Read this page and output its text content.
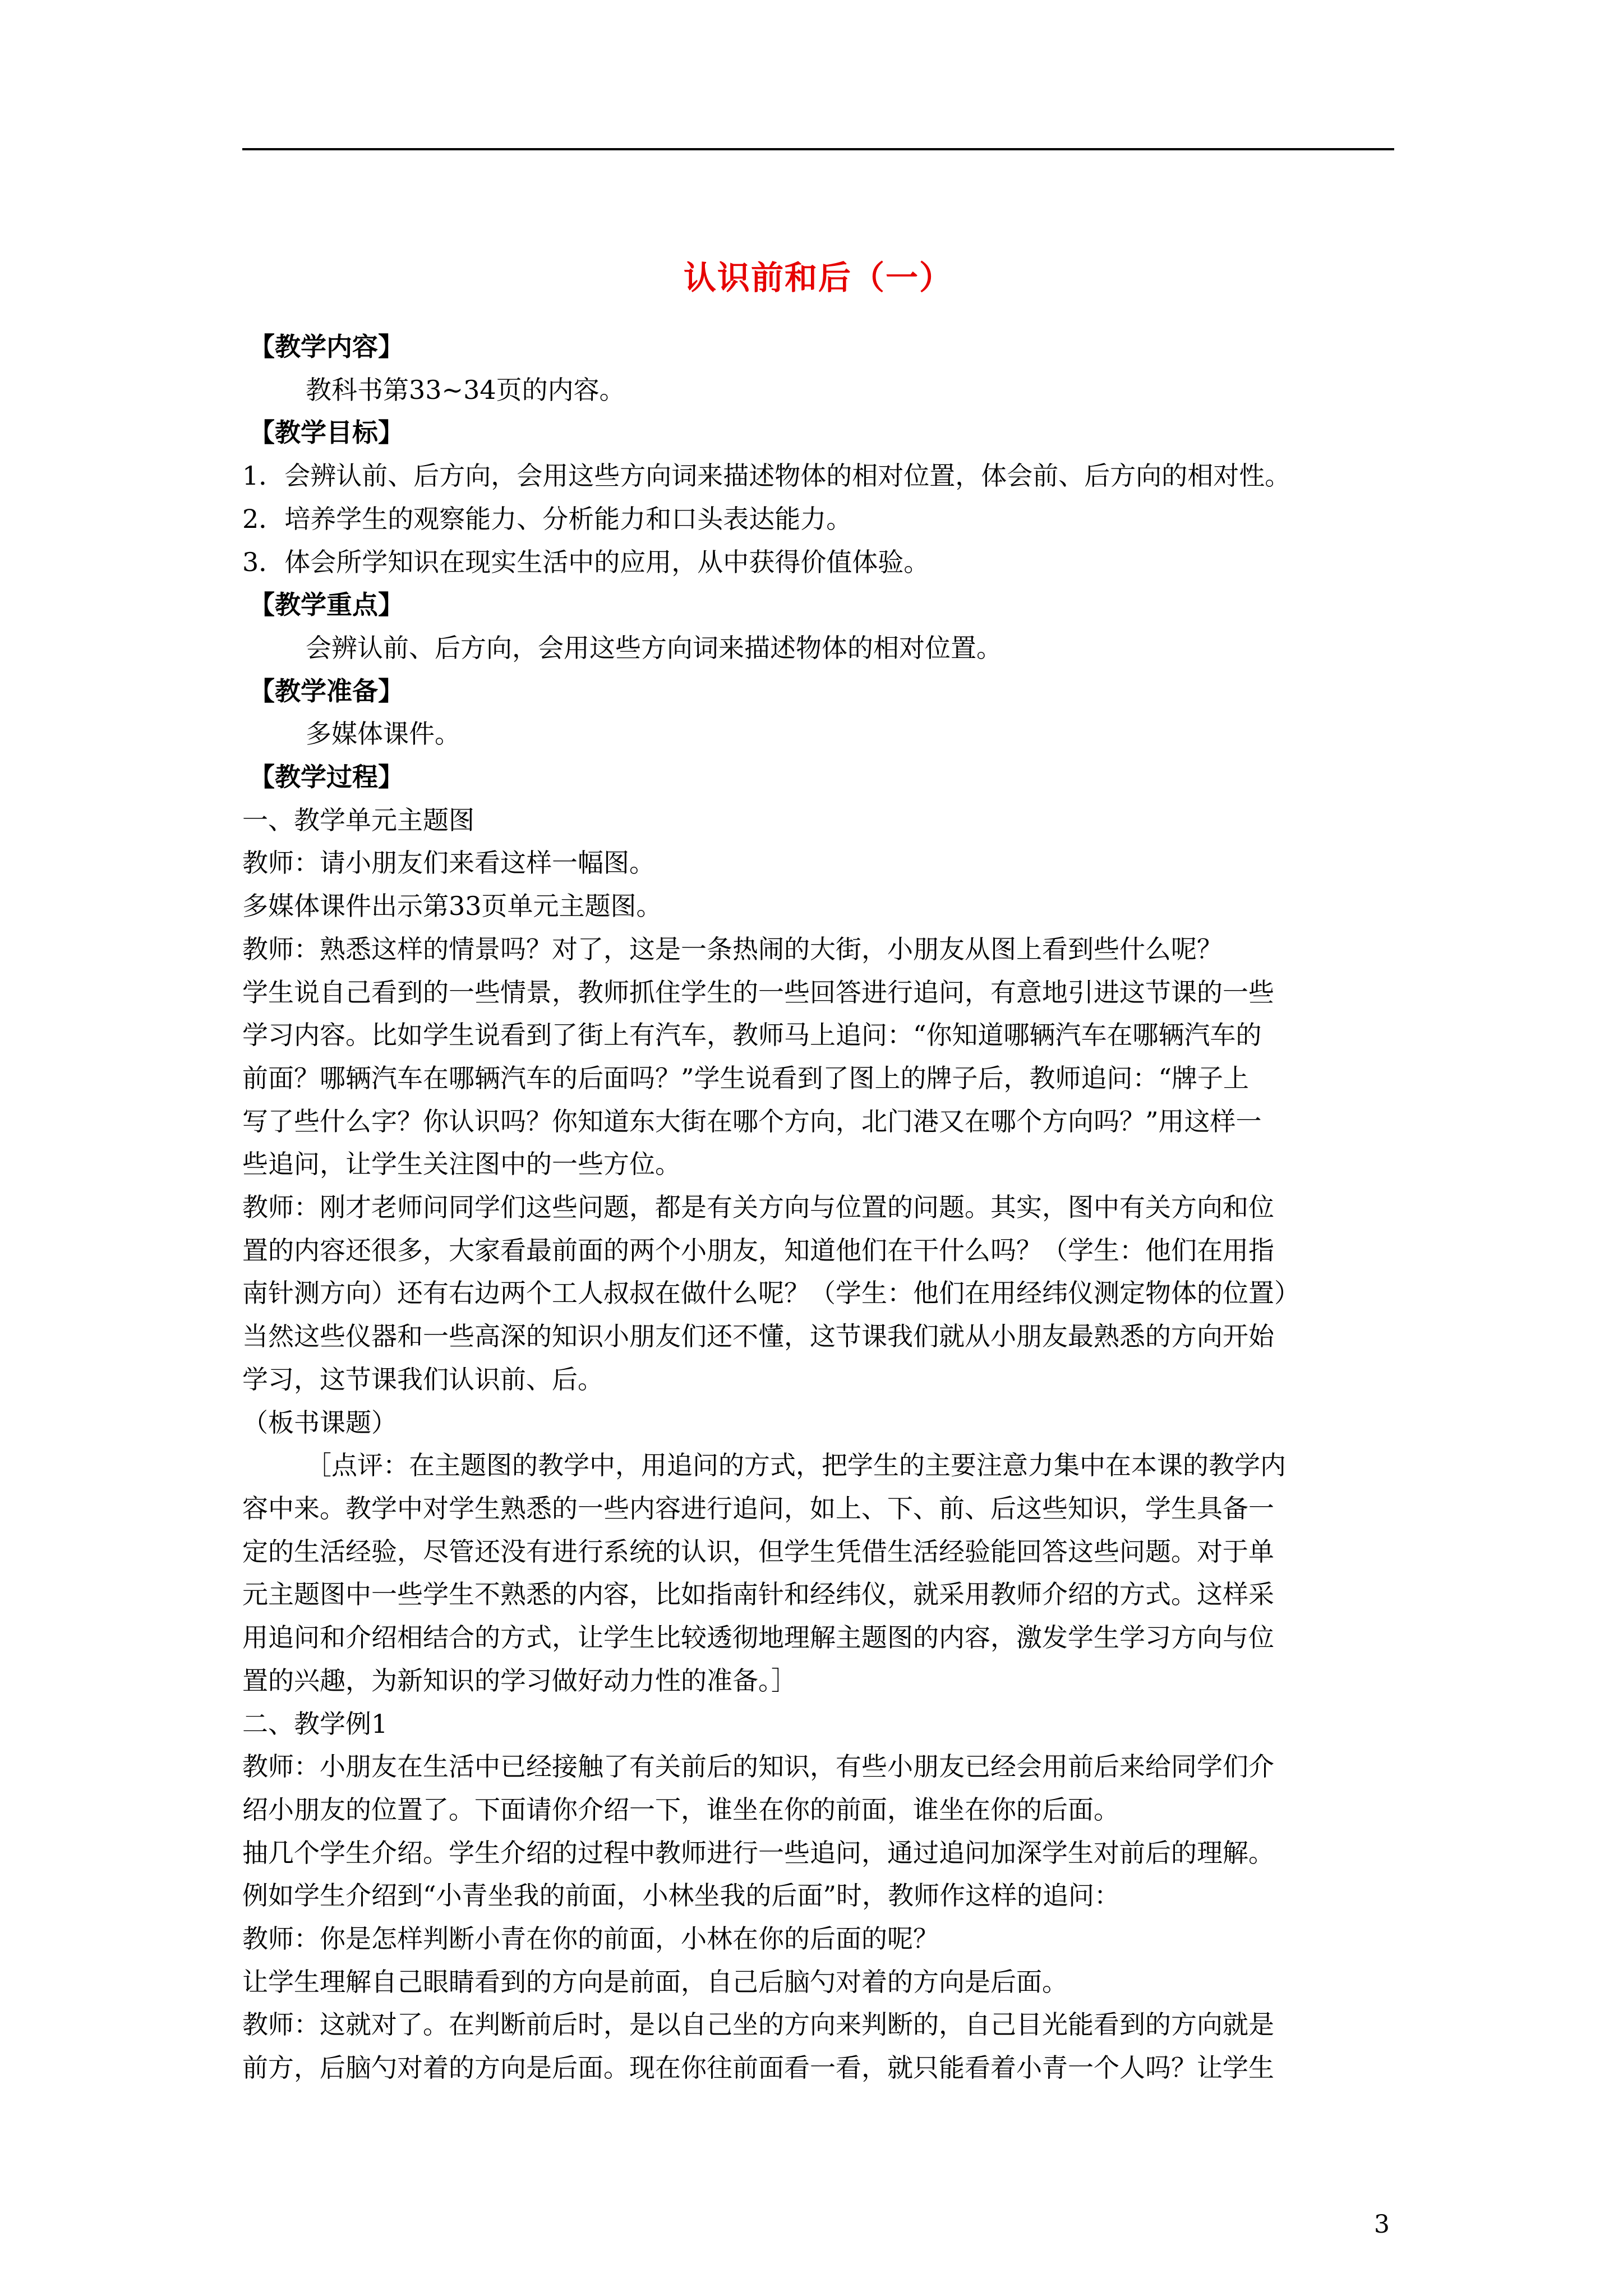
认识前和后（一）
【教学内容】
教科书第33~34页的内容。
【教学目标】
1．会辨认前、后方向，会用这些方向词来描述物体的相对位置，体会前、后方向的相对性。
2．培养学生的观察能力、分析能力和口头表达能力。
3．体会所学知识在现实生活中的应用，从中获得价值体验。
【教学重点】
会辨认前、后方向，会用这些方向词来描述物体的相对位置。
【教学准备】
多媒体课件。
【教学过程】
一、教学单元主题图
教师：请小朋友们来看这样一幅图。
多媒体课件出示第33页单元主题图。
教师：熟悉这样的情景吗？对了，这是一条热闹的大街，小朋友从图上看到些什么呢？
学生说自己看到的一些情景，教师抓住学生的一些回答进行追问，有意地引进这节课的一些
学习内容。比如学生说看到了街上有汽车，教师马上追问：“你知道哪辆汽车在哪辆汽车的
前面？哪辆汽车在哪辆汽车的后面吗？”学生说看到了图上的牌子后，教师追问：“牌子上
写了些什么字？你认识吗？你知道东大街在哪个方向，北门港又在哪个方向吗？”用这样一
些追问，让学生关注图中的一些方位。
教师：刚才老师问同学们这些问题，都是有关方向与位置的问题。其实，图中有关方向和位
置的内容还很多，大家看最前面的两个小朋友，知道他们在干什么吗？（学生：他们在用指
南针测方向）还有右边两个工人叔叔在做什么呢？（学生：他们在用经纬仪测定物体的位置）
当然这些仪器和一些高深的知识小朋友们还不懂，这节课我们就从小朋友最熟悉的方向开始
学习，这节课我们认识前、后。
（板书课题）
［点评：在主题图的教学中，用追问的方式，把学生的主要注意力集中在本课的教学内
容中来。教学中对学生熟悉的一些内容进行追问，如上、下、前、后这些知识，学生具备一
定的生活经验，尽管还没有进行系统的认识，但学生凭借生活经验能回答这些问题。对于单
元主题图中一些学生不熟悉的内容，比如指南针和经纬仪，就采用教师介绍的方式。这样采
用追问和介绍相结合的方式，让学生比较透彻地理解主题图的内容，激发学生学习方向与位
置的兴趣，为新知识的学习做好动力性的准备。］
二、教学例1
教师：小朋友在生活中已经接触了有关前后的知识，有些小朋友已经会用前后来给同学们介
绍小朋友的位置了。下面请你介绍一下，谁坐在你的前面，谁坐在你的后面。
抽几个学生介绍。学生介绍的过程中教师进行一些追问，通过追问加深学生对前后的理解。
例如学生介绍到“小青坐我的前面，小林坐我的后面”时，教师作这样的追问：
教师：你是怎样判断小青在你的前面，小林在你的后面的呢？
让学生理解自己眼睛看到的方向是前面，自己后脑勺对着的方向是后面。
教师：这就对了。在判断前后时，是以自己坐的方向来判断的，自己目光能看到的方向就是
前方，后脑勺对着的方向是后面。现在你往前面看一看，就只能看着小青一个人吗？让学生
3
